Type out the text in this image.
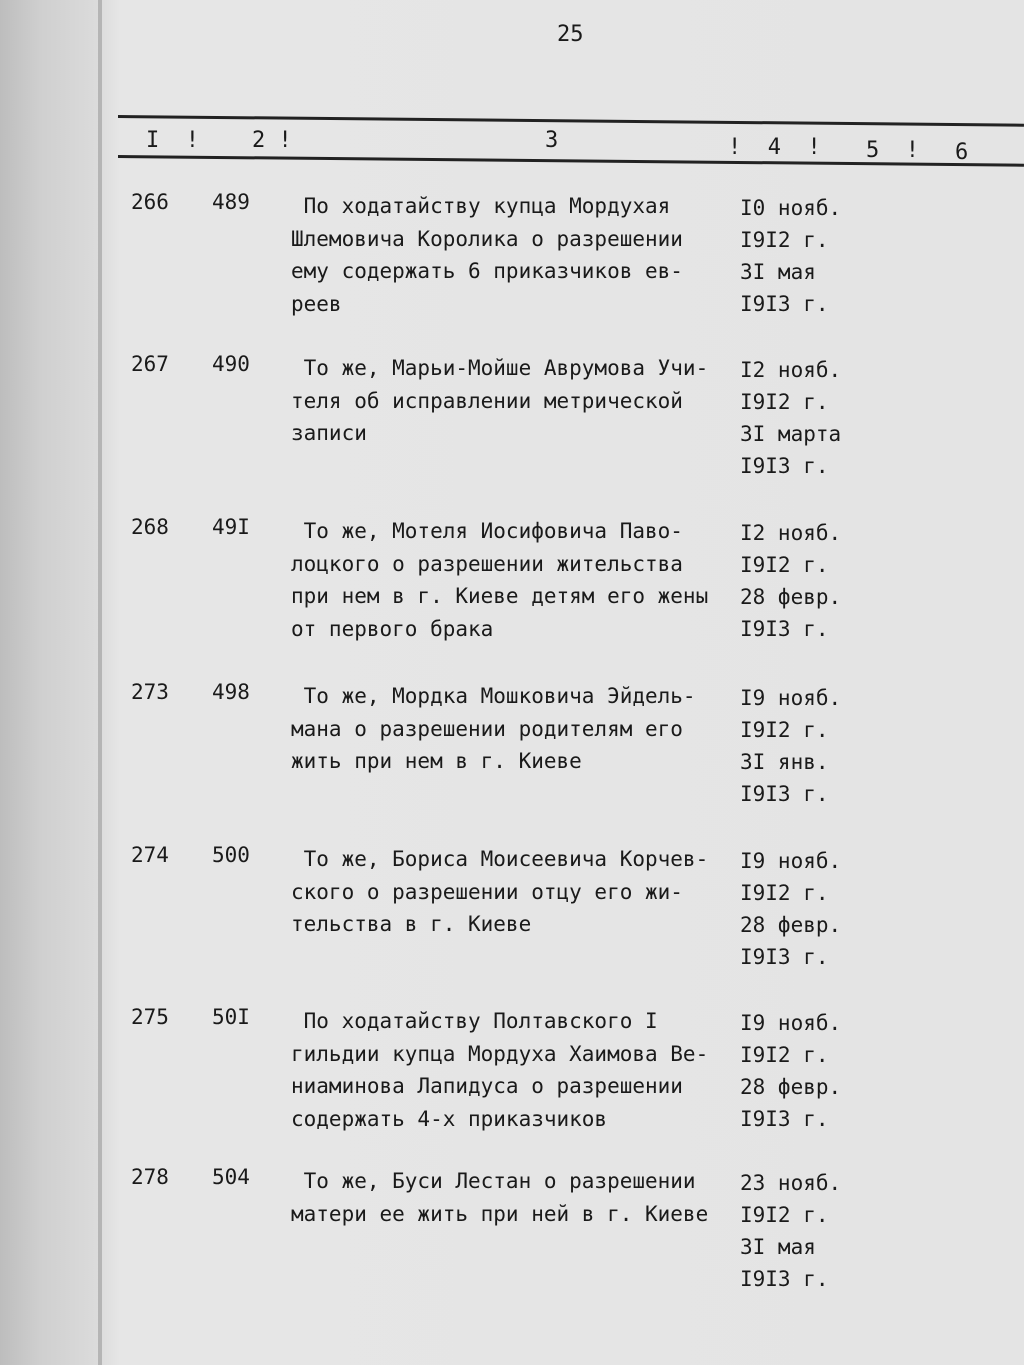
25
I  ! 2 !	3	!  4  ! 5  ! 6
266 489 По ходатайству купца Мордухая
Шлемовича Королика о разрешении
ему содержать 6 приказчиков ев-
реев
I0 нояб.
I9I2 г.
3I мая
I9I3 г.
267 490 То же, Марьи-Мойше Аврумова Учи-
теля об исправлении метрической
записи
I2 нояб.
I9I2 г.
3I марта
I9I3 г.
268 49I То же, Мотеля Иосифовича Паво-
лоцкого о разрешении жительства
при нем в г. Киеве детям его жены
от первого брака
I2 нояб.
I9I2 г.
28 февр.
I9I3 г.
273 498 То же, Мордка Мошковича Эйдель-
мана о разрешении родителям его
жить при нем в г. Киеве
I9 нояб.
I9I2 г.
3I янв.
I9I3 г.
274 500 То же, Бориса Моисеевича Корчев-
ского о разрешении отцу его жи-
тельства в г. Киеве
I9 нояб.
I9I2 г.
28 февр.
I9I3 г.
275 50I По ходатайству Полтавского I
гильдии купца Мордуха Хаимова Ве-
ниаминова Лапидуса о разрешении
содержать 4-х приказчиков
I9 нояб.
I9I2 г.
28 февр.
I9I3 г.
278 504 То же, Буси Лестан о разрешении
матери ее жить при ней в г. Киеве
23 нояб.
I9I2 г.
3I мая
I9I3 г.
